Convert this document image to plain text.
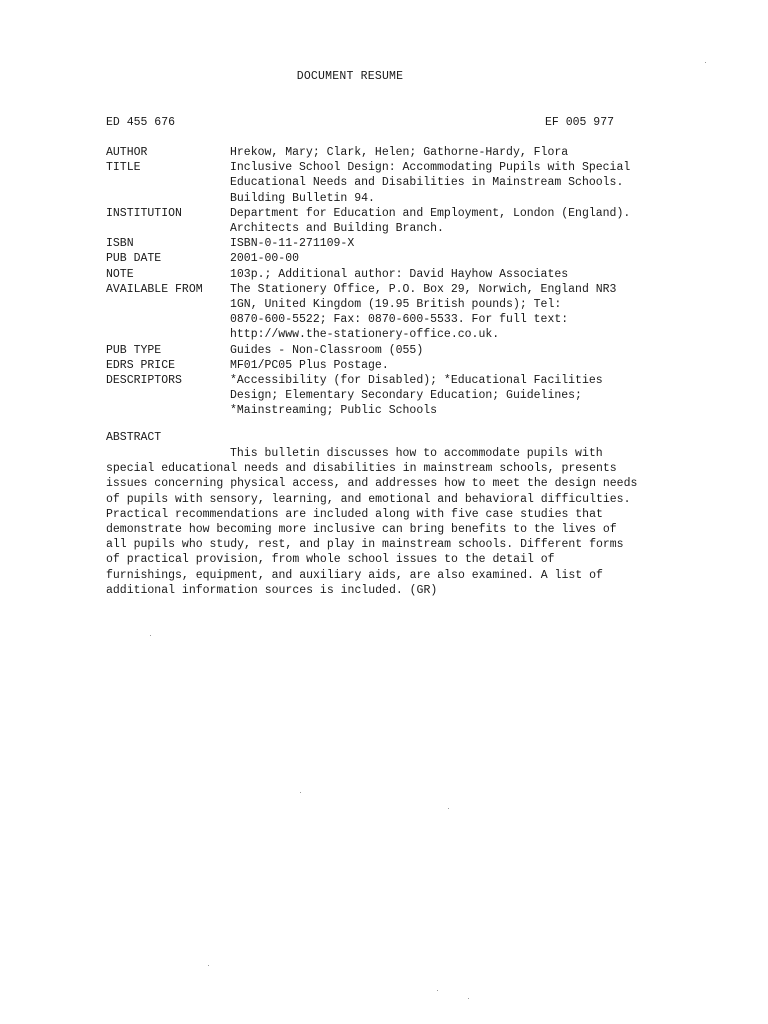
DOCUMENT RESUME
ED 455 676	EF 005 977
AUTHOR	Hrekow, Mary; Clark, Helen; Gathorne-Hardy, Flora
TITLE	Inclusive School Design: Accommodating Pupils with Special
Educational Needs and Disabilities in Mainstream Schools.
Building Bulletin 94.
INSTITUTION	Department for Education and Employment, London (England).
Architects and Building Branch.
ISBN	ISBN-0-11-271109-X
PUB DATE	2001-00-00
NOTE	103p.; Additional author: David Hayhow Associates
AVAILABLE FROM	The Stationery Office, P.O. Box 29, Norwich, England NR3
1GN, United Kingdom (19.95 British pounds); Tel:
0870-600-5522; Fax: 0870-600-5533. For full text:
http://www.the-stationery-office.co.uk.
PUB TYPE	Guides - Non-Classroom (055)
EDRS PRICE	MF01/PC05 Plus Postage.
DESCRIPTORS	*Accessibility (for Disabled); *Educational Facilities
Design; Elementary Secondary Education; Guidelines;
*Mainstreaming; Public Schools
ABSTRACT
This bulletin discusses how to accommodate pupils with
special educational needs and disabilities in mainstream schools, presents
issues concerning physical access, and addresses how to meet the design needs
of pupils with sensory, learning, and emotional and behavioral difficulties.
Practical recommendations are included along with five case studies that
demonstrate how becoming more inclusive can bring benefits to the lives of
all pupils who study, rest, and play in mainstream schools. Different forms
of practical provision, from whole school issues to the detail of
furnishings, equipment, and auxiliary aids, are also examined. A list of
additional information sources is included. (GR)
